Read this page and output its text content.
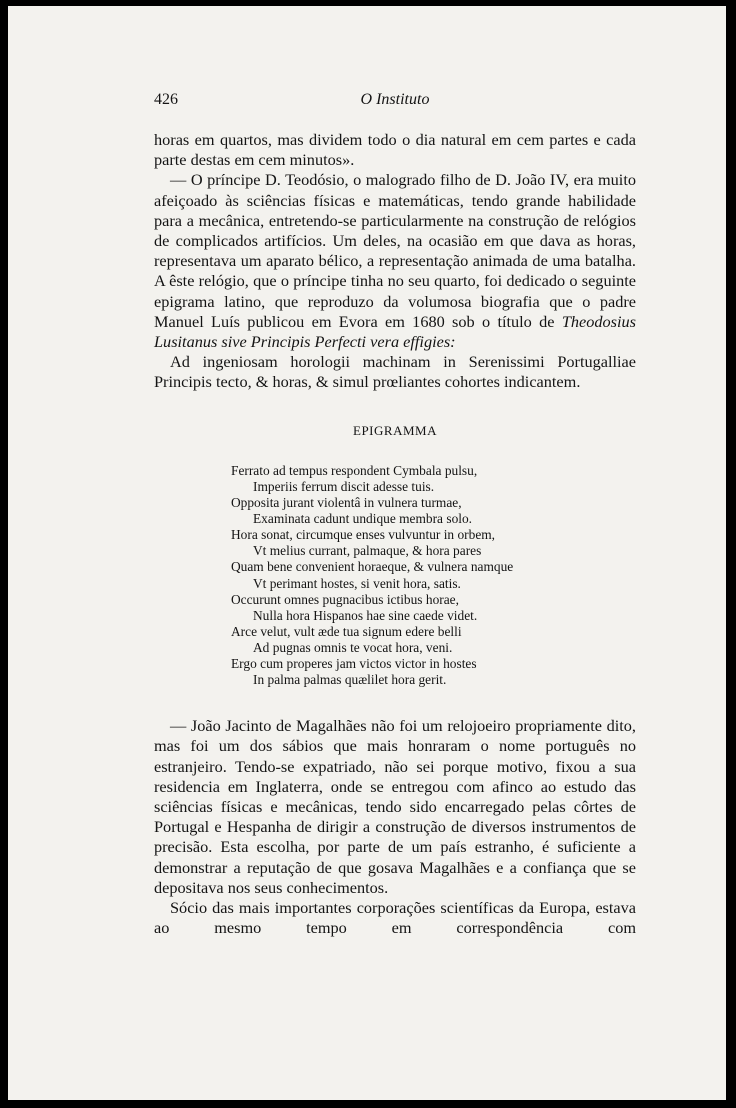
426	O Instituto

horas em quartos, mas dividem todo o dia natural em cem partes e cada parte destas em cem minutos».

— O príncipe D. Teodósio, o malogrado filho de D. João IV, era muito afeiçoado às sciências físicas e matemáticas, tendo grande habilidade para a mecânica, entretendo-se particularmente na construção de relógios de complicados artifícios. Um deles, na ocasião em que dava as horas, representava um aparato bélico, a representação animada de uma batalha. A êste relógio, que o príncipe tinha no seu quarto, foi dedicado o seguinte epigrama latino, que reproduzo da volumosa biografia que o padre Manuel Luís publicou em Evora em 1680 sob o título de Theodosius Lusitanus sive Principis Perfecti vera effigies:

Ad ingeniosam horologii machinam in Serenissimi Portugalliae Principis tecto, & horas, & simul prœliantes cohortes indicantem.

EPIGRAMMA
Ferrato ad tempus respondent Cymbala pulsu,
Imperiis ferrum discit adesse tuis.
Opposita jurant violentâ in vulnera turmae,
Examinata cadunt undique membra solo.
Hora sonat, circumque enses vulvuntur in orbem,
Vt melius currant, palmaque, & hora pares
Quam bene convenient horaeque, & vulnera namque
Vt perimant hostes, si venit hora, satis.
Occurunt omnes pugnacibus ictibus horae,
Nulla hora Hispanos hae sine caede videt.
Arce velut, vult æde tua signum edere belli
Ad pugnas omnis te vocat hora, veni.
Ergo cum properes jam victos victor in hostes
In palma palmas quælilet hora gerit.

— João Jacinto de Magalhães não foi um relojoeiro propriamente dito, mas foi um dos sábios que mais honraram o nome português no estranjeiro. Tendo-se expatriado, não sei porque motivo, fixou a sua residencia em Inglaterra, onde se entregou com afinco ao estudo das sciências físicas e mecânicas, tendo sido encarregado pelas côrtes de Portugal e Hespanha de dirigir a construção de diversos instrumentos de precisão. Esta escolha, por parte de um país estranho, é suficiente a demonstrar a reputação de que gosava Magalhães e a confiança que se depositava nos seus conhecimentos.

Sócio das mais importantes corporações scientíficas da Europa, estava ao mesmo tempo em correspondência com
